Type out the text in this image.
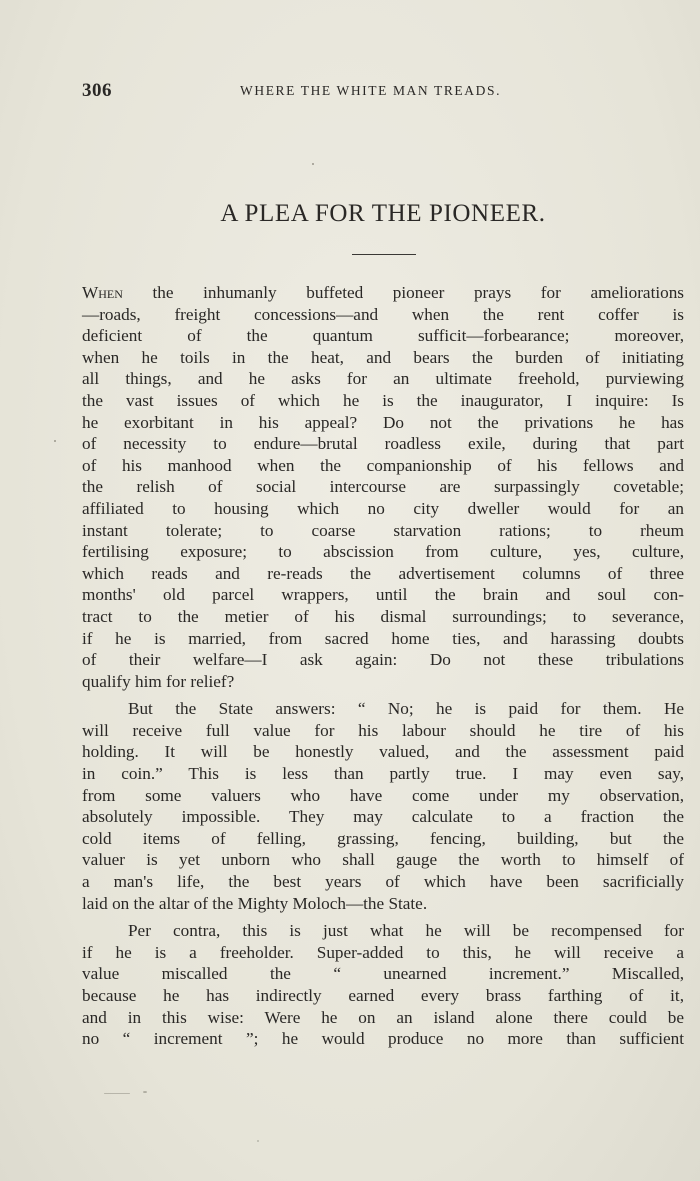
306	WHERE THE WHITE MAN TREADS.
A PLEA FOR THE PIONEER.
When the inhumanly buffeted pioneer prays for ameliorations
—roads, freight concessions—and when the rent coffer is
deficient of the quantum sufficit—forbearance; moreover,
when he toils in the heat, and bears the burden of initiating
all things, and he asks for an ultimate freehold, purviewing
the vast issues of which he is the inaugurator, I inquire: Is
he exorbitant in his appeal? Do not the privations he has
of necessity to endure—brutal roadless exile, during that part
of his manhood when the companionship of his fellows and
the relish of social intercourse are surpassingly covetable;
affiliated to housing which no city dweller would for an
instant tolerate; to coarse starvation rations; to rheum
fertilising exposure; to abscission from culture, yes, culture,
which reads and re-reads the advertisement columns of three
months' old parcel wrappers, until the brain and soul con-
tract to the metier of his dismal surroundings; to severance,
if he is married, from sacred home ties, and harassing doubts
of their welfare—I ask again: Do not these tribulations
qualify him for relief?
But the State answers: “ No; he is paid for them. He
will receive full value for his labour should he tire of his
holding. It will be honestly valued, and the assessment paid
in coin.” This is less than partly true. I may even say,
from some valuers who have come under my observation,
absolutely impossible. They may calculate to a fraction the
cold items of felling, grassing, fencing, building, but the
valuer is yet unborn who shall gauge the worth to himself of
a man's life, the best years of which have been sacrificially
laid on the altar of the Mighty Moloch—the State.
Per contra, this is just what he will be recompensed for
if he is a freeholder. Super-added to this, he will receive a
value miscalled the “ unearned increment.” Miscalled,
because he has indirectly earned every brass farthing of it,
and in this wise: Were he on an island alone there could be
no “ increment ”; he would produce no more than sufficient
